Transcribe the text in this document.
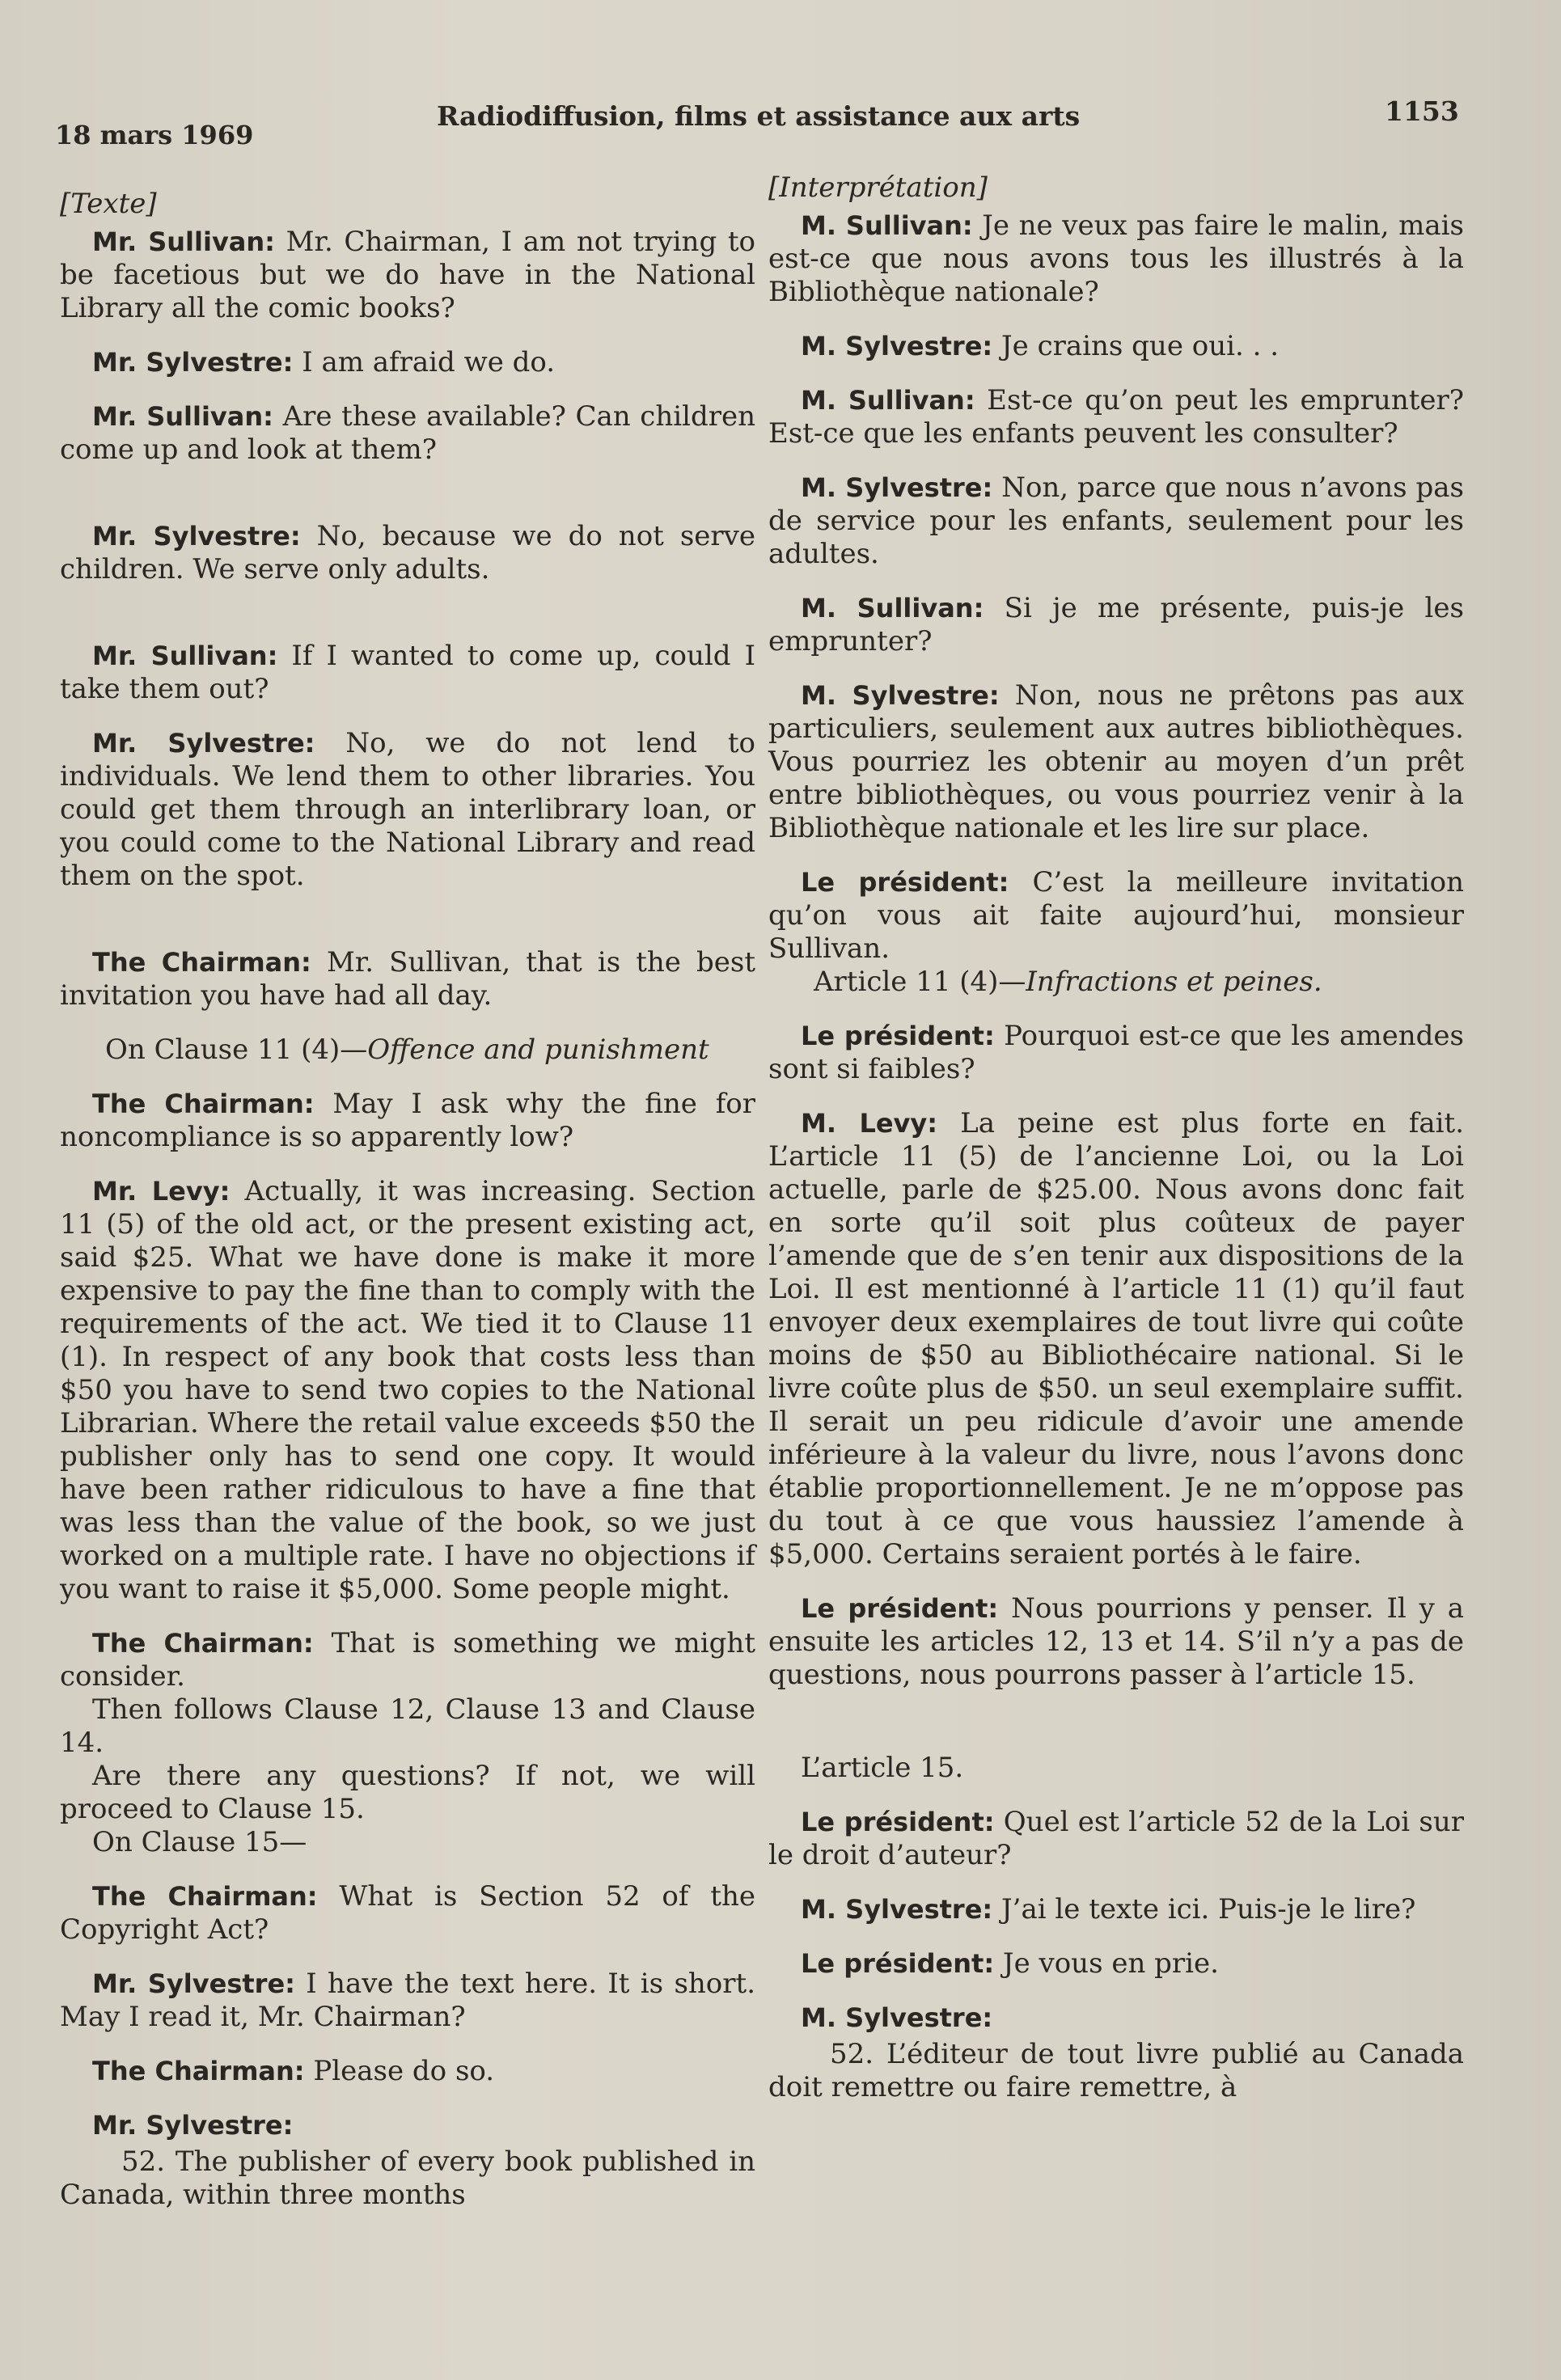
18 mars 1969
Radiodiffusion, films et assistance aux arts	1153

[Texte]

Mr. Sullivan: Mr. Chairman, I am not trying to be facetious but we do have in the National Library all the comic books?

Mr. Sylvestre: I am afraid we do.

Mr. Sullivan: Are these available? Can children come up and look at them?

Mr. Sylvestre: No, because we do not serve children. We serve only adults.

Mr. Sullivan: If I wanted to come up, could I take them out?

Mr. Sylvestre: No, we do not lend to individuals. We lend them to other libraries. You could get them through an interlibrary loan, or you could come to the National Library and read them on the spot.

The Chairman: Mr. Sullivan, that is the best invitation you have had all day.

On Clause 11 (4)—Offence and punishment

The Chairman: May I ask why the fine for noncompliance is so apparently low?

Mr. Levy: Actually, it was increasing. Section 11 (5) of the old act, or the present existing act, said $25. What we have done is make it more expensive to pay the fine than to comply with the requirements of the act. We tied it to Clause 11 (1). In respect of any book that costs less than $50 you have to send two copies to the National Librarian. Where the retail value exceeds $50 the publisher only has to send one copy. It would have been rather ridiculous to have a fine that was less than the value of the book, so we just worked on a multiple rate. I have no objections if you want to raise it $5,000. Some people might.

The Chairman: That is something we might consider.

Then follows Clause 12, Clause 13 and Clause 14.

Are there any questions? If not, we will proceed to Clause 15.

On Clause 15—

The Chairman: What is Section 52 of the Copyright Act?

Mr. Sylvestre: I have the text here. It is short. May I read it, Mr. Chairman?

The Chairman: Please do so.

Mr. Sylvestre:

52. The publisher of every book published in Canada, within three months

[Interprétation]

M. Sullivan: Je ne veux pas faire le malin, mais est-ce que nous avons tous les illustrés à la Bibliothèque nationale?

M. Sylvestre: Je crains que oui. . .

M. Sullivan: Est-ce qu’on peut les emprunter? Est-ce que les enfants peuvent les consulter?

M. Sylvestre: Non, parce que nous n’avons pas de service pour les enfants, seulement pour les adultes.

M. Sullivan: Si je me présente, puis-je les emprunter?

M. Sylvestre: Non, nous ne prêtons pas aux particuliers, seulement aux autres bibliothèques. Vous pourriez les obtenir au moyen d’un prêt entre bibliothèques, ou vous pourriez venir à la Bibliothèque nationale et les lire sur place.

Le président: C’est la meilleure invitation qu’on vous ait faite aujourd’hui, monsieur Sullivan.

Article 11 (4)—Infractions et peines.

Le président: Pourquoi est-ce que les amendes sont si faibles?

M. Levy: La peine est plus forte en fait. L’article 11 (5) de l’ancienne Loi, ou la Loi actuelle, parle de $25.00. Nous avons donc fait en sorte qu’il soit plus coûteux de payer l’amende que de s’en tenir aux dispositions de la Loi. Il est mentionné à l’article 11 (1) qu’il faut envoyer deux exemplaires de tout livre qui coûte moins de $50 au Bibliothécaire national. Si le livre coûte plus de $50. un seul exemplaire suffit. Il serait un peu ridicule d’avoir une amende inférieure à la valeur du livre, nous l’avons donc établie proportionnellement. Je ne m’oppose pas du tout à ce que vous haussiez l’amende à $5,000. Certains seraient portés à le faire.

Le président: Nous pourrions y penser. Il y a ensuite les articles 12, 13 et 14. S’il n’y a pas de questions, nous pourrons passer à l’article 15.

L’article 15.

Le président: Quel est l’article 52 de la Loi sur le droit d’auteur?

M. Sylvestre: J’ai le texte ici. Puis-je le lire?

Le président: Je vous en prie.

M. Sylvestre:

52. L’éditeur de tout livre publié au Canada doit remettre ou faire remettre, à
